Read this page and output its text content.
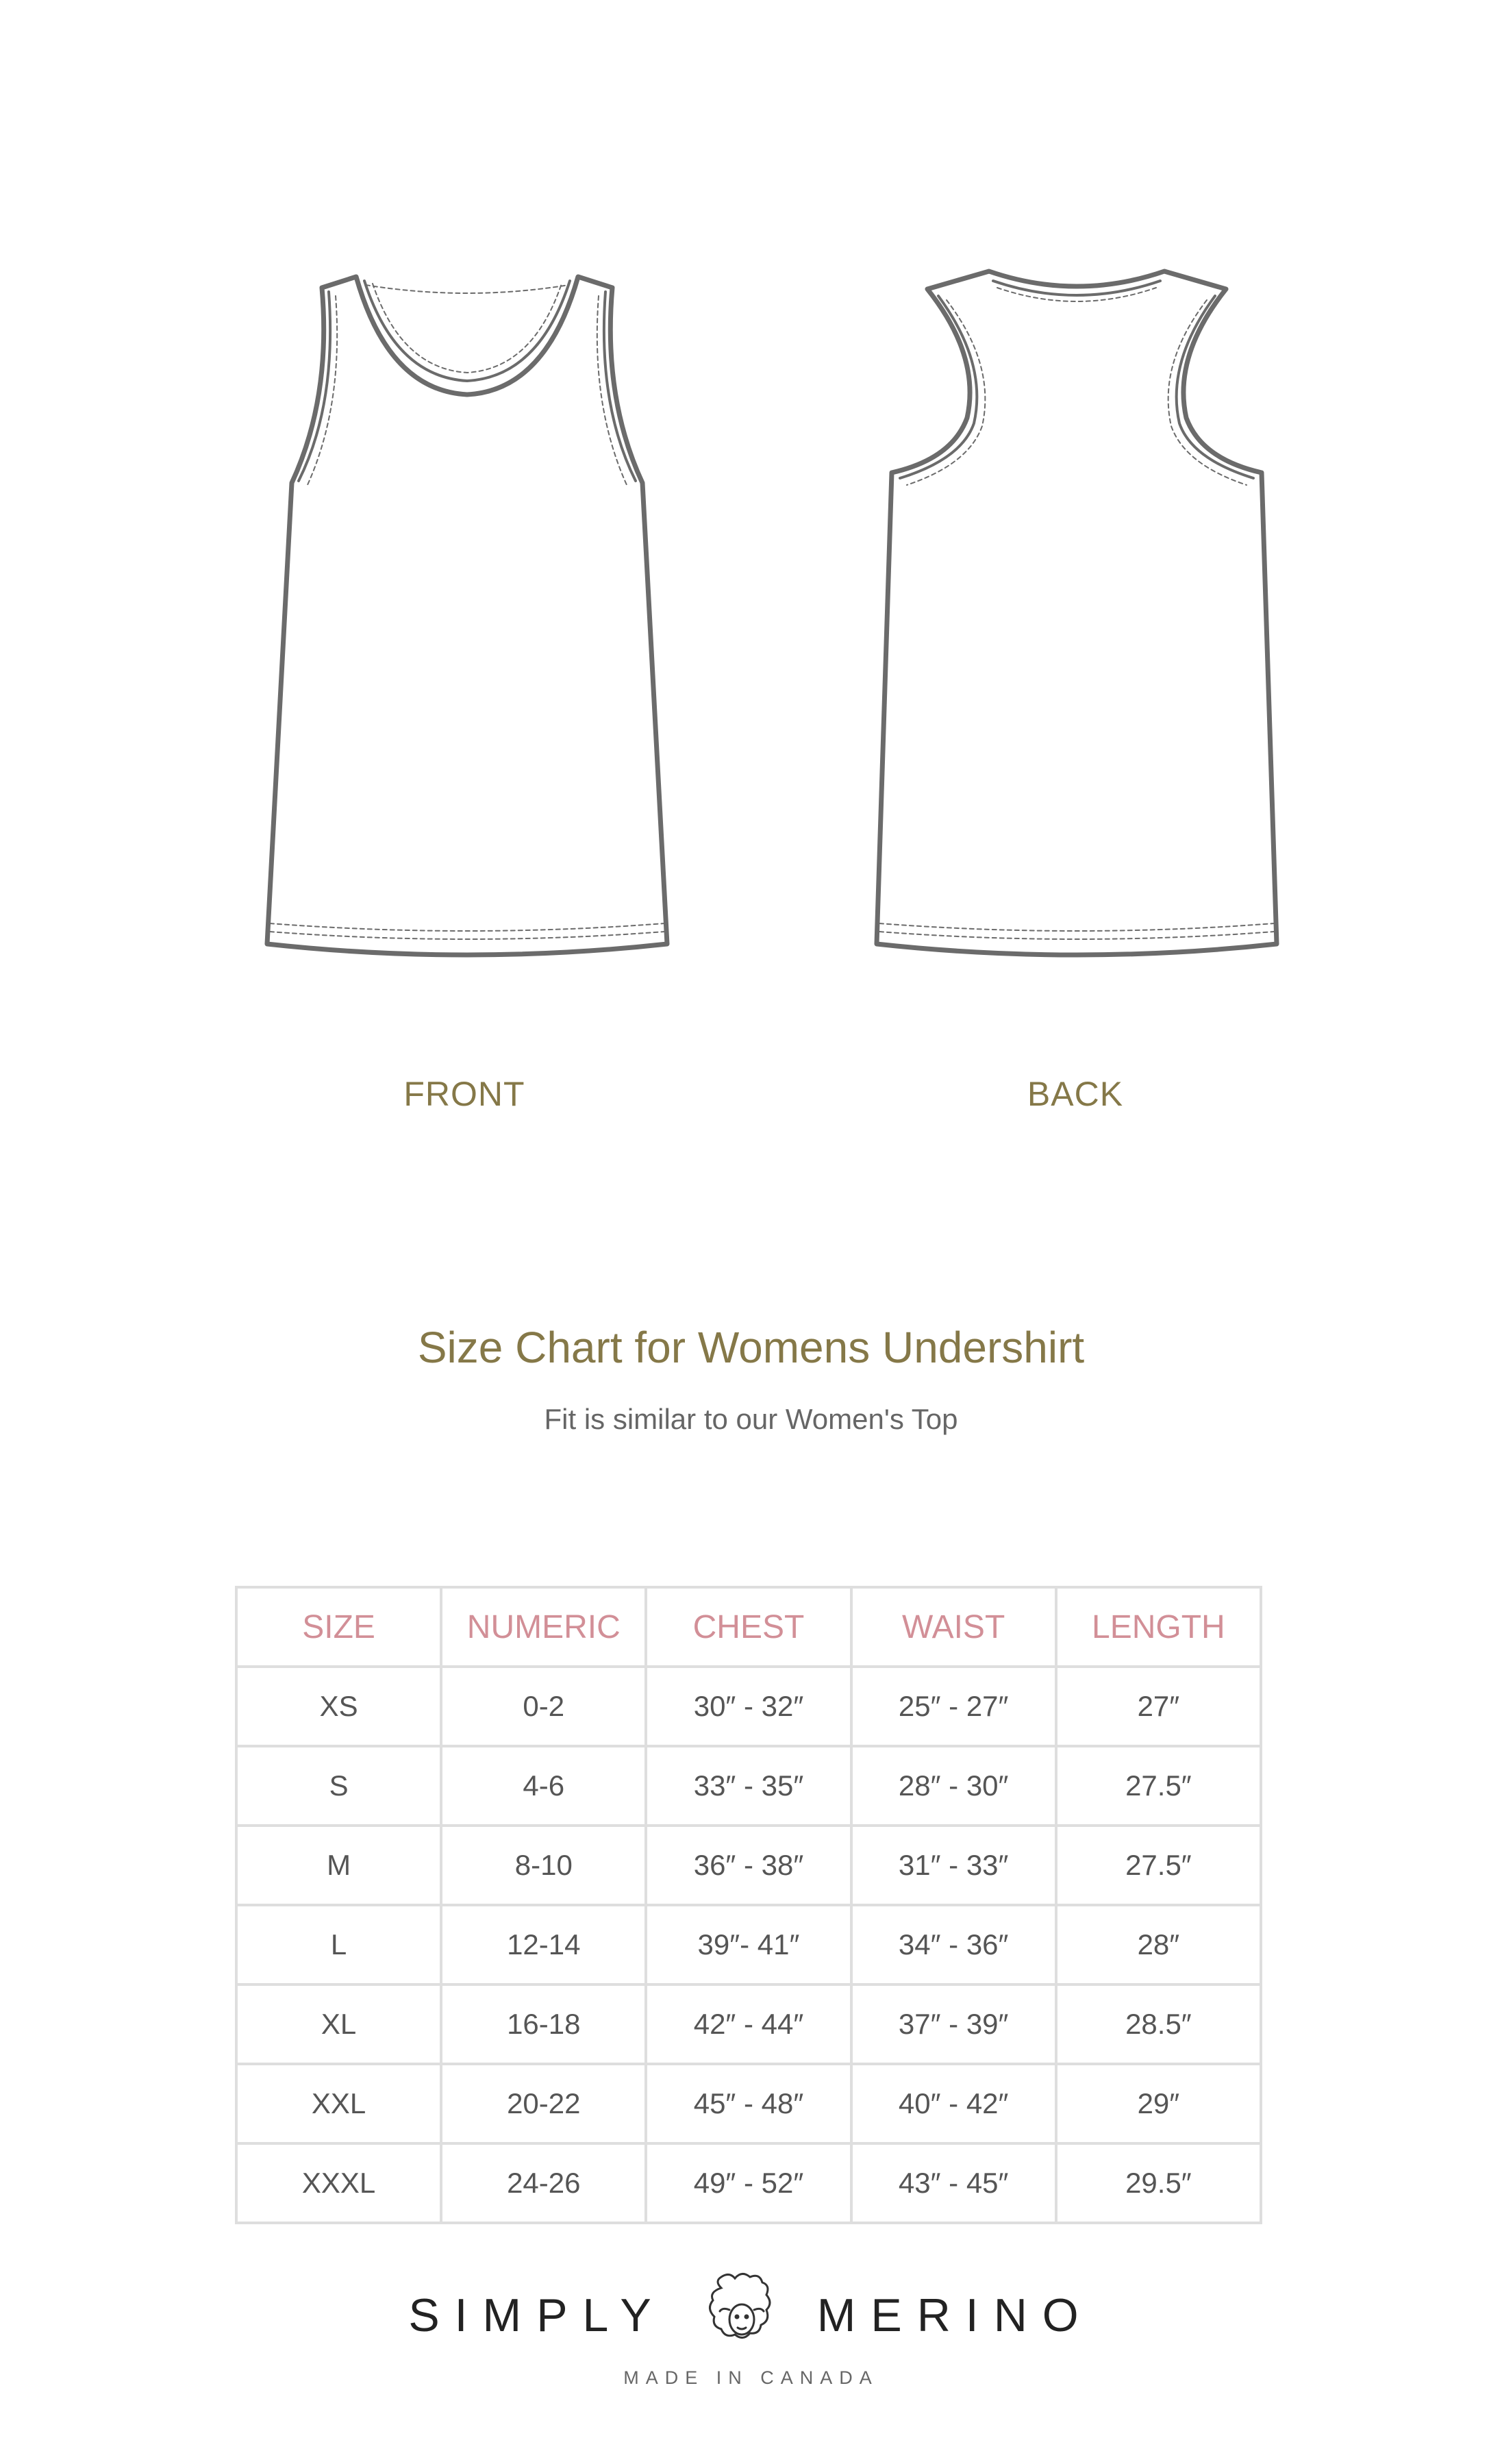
FRONT	BACK
Size Chart for Womens Undershirt
Fit is similar to our Women's Top
SIZE	NUMERIC	CHEST	WAIST	LENGTH
XS	0-2	30″ - 32″	25″ - 27″	27″
S	4-6	33″ - 35″	28″ - 30″	27.5″
M	8-10	36″ - 38″	31″ - 33″	27.5″
L	12-14	39″- 41″	34″ - 36″	28″
XL	16-18	42″ - 44″	37″ - 39″	28.5″
XXL	20-22	45″ - 48″	40″ - 42″	29″
XXXL	24-26	49″ - 52″	43″ - 45″	29.5″
SIMPLY	MERINO
MADE IN CANADA
